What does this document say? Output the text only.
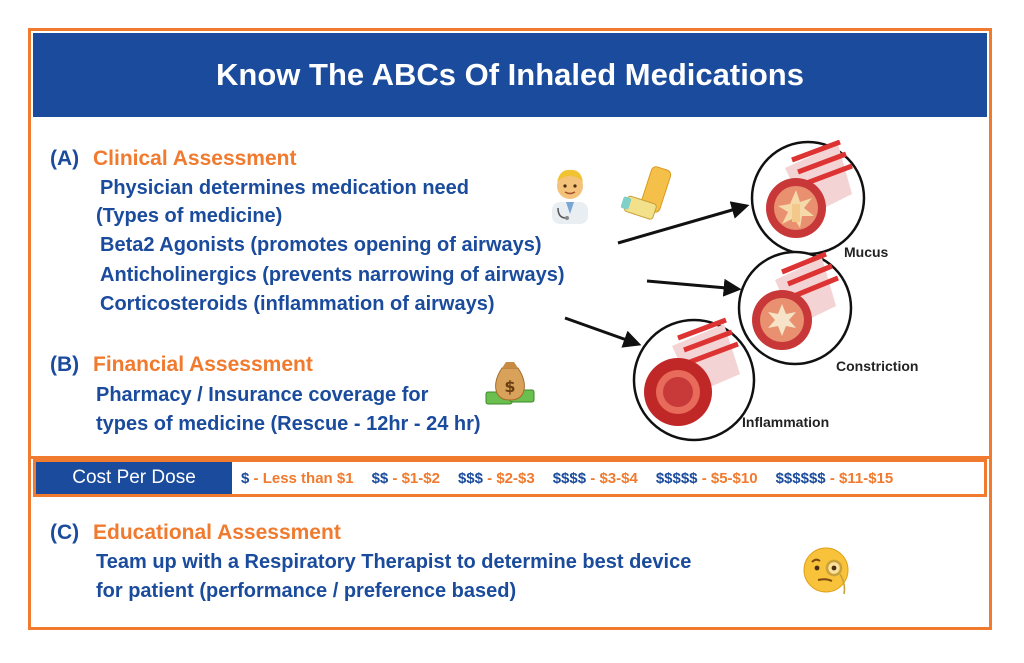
Know The ABCs Of Inhaled Medications
(A) Clinical Assessment
Physician determines medication need
(Types of medicine)
Beta2 Agonists (promotes opening of airways)
Anticholinergics (prevents narrowing of airways)
Corticosteroids (inflammation of airways)
(B) Financial Assessment
Pharmacy / Insurance coverage for
types of medicine (Rescue - 12hr - 24 hr)
$
Mucus
Constriction
Inflammation
Cost Per Dose	$ - Less than $1 $$ - $1-$2 $$$ - $2-$3 $$$$ - $3-$4 $$$$$ - $5-$10 $$$$$$ - $11-$15
(C) Educational Assessment
Team up with a Respiratory Therapist to determine best device
for patient (performance / preference based)
